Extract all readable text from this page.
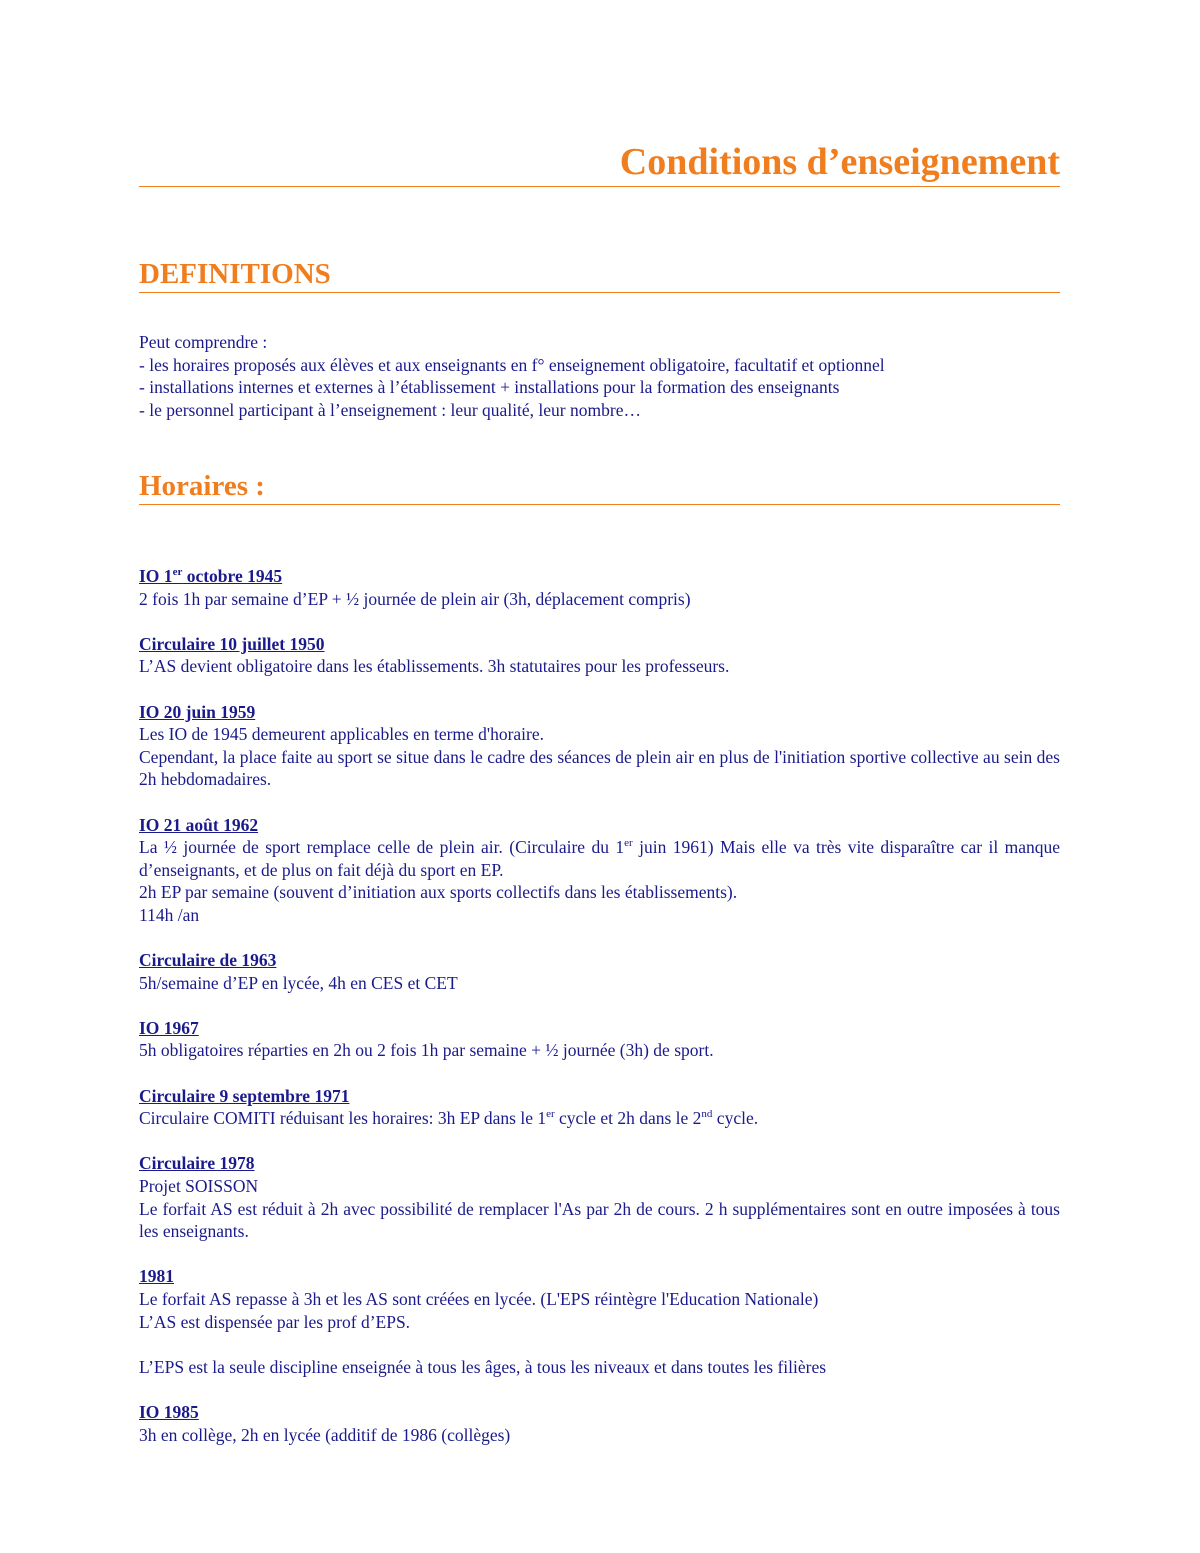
Conditions d’enseignement
DEFINITIONS

Peut comprendre :

- les horaires proposés aux élèves et aux enseignants en f° enseignement obligatoire, facultatif et optionnel

- installations internes et externes à l’établissement + installations pour la formation des enseignants

- le personnel participant à l’enseignement : leur qualité, leur nombre…

Horaires :
IO 1er octobre 1945

2 fois 1h par semaine d’EP + ½ journée de plein air (3h, déplacement compris)

Circulaire 10 juillet 1950

L’AS devient obligatoire dans les établissements. 3h statutaires pour les professeurs.

IO 20 juin 1959

Les IO de 1945 demeurent applicables en terme d'horaire.

Cependant, la place faite au sport se situe dans le cadre des séances de plein air en plus de l'initiation sportive collective au sein des 2h hebdomadaires.

IO 21 août 1962

La ½ journée de sport remplace celle de plein air. (Circulaire du 1er juin 1961) Mais elle va très vite disparaître car il manque d’enseignants, et de plus on fait déjà du sport en EP.

2h EP par semaine (souvent d’initiation aux sports collectifs dans les établissements).

114h /an

Circulaire de 1963

5h/semaine d’EP en lycée, 4h en CES et CET

IO 1967

5h obligatoires réparties en 2h ou 2 fois 1h par semaine + ½ journée (3h) de sport.

Circulaire 9 septembre 1971

Circulaire COMITI réduisant les horaires: 3h EP dans le 1er cycle et 2h dans le 2nd cycle.

Circulaire 1978

Projet SOISSON

Le forfait AS est réduit à 2h avec possibilité de remplacer l'As par 2h de cours. 2 h supplémentaires sont en outre imposées à tous les enseignants.

1981

Le forfait AS repasse à 3h et les AS sont créées en lycée. (L'EPS réintègre l'Education Nationale)

L’AS est dispensée par les prof d’EPS.

L’EPS est la seule discipline enseignée à tous les âges, à tous les niveaux et dans toutes les filières

IO 1985

3h en collège, 2h en lycée (additif de 1986 (collèges)
